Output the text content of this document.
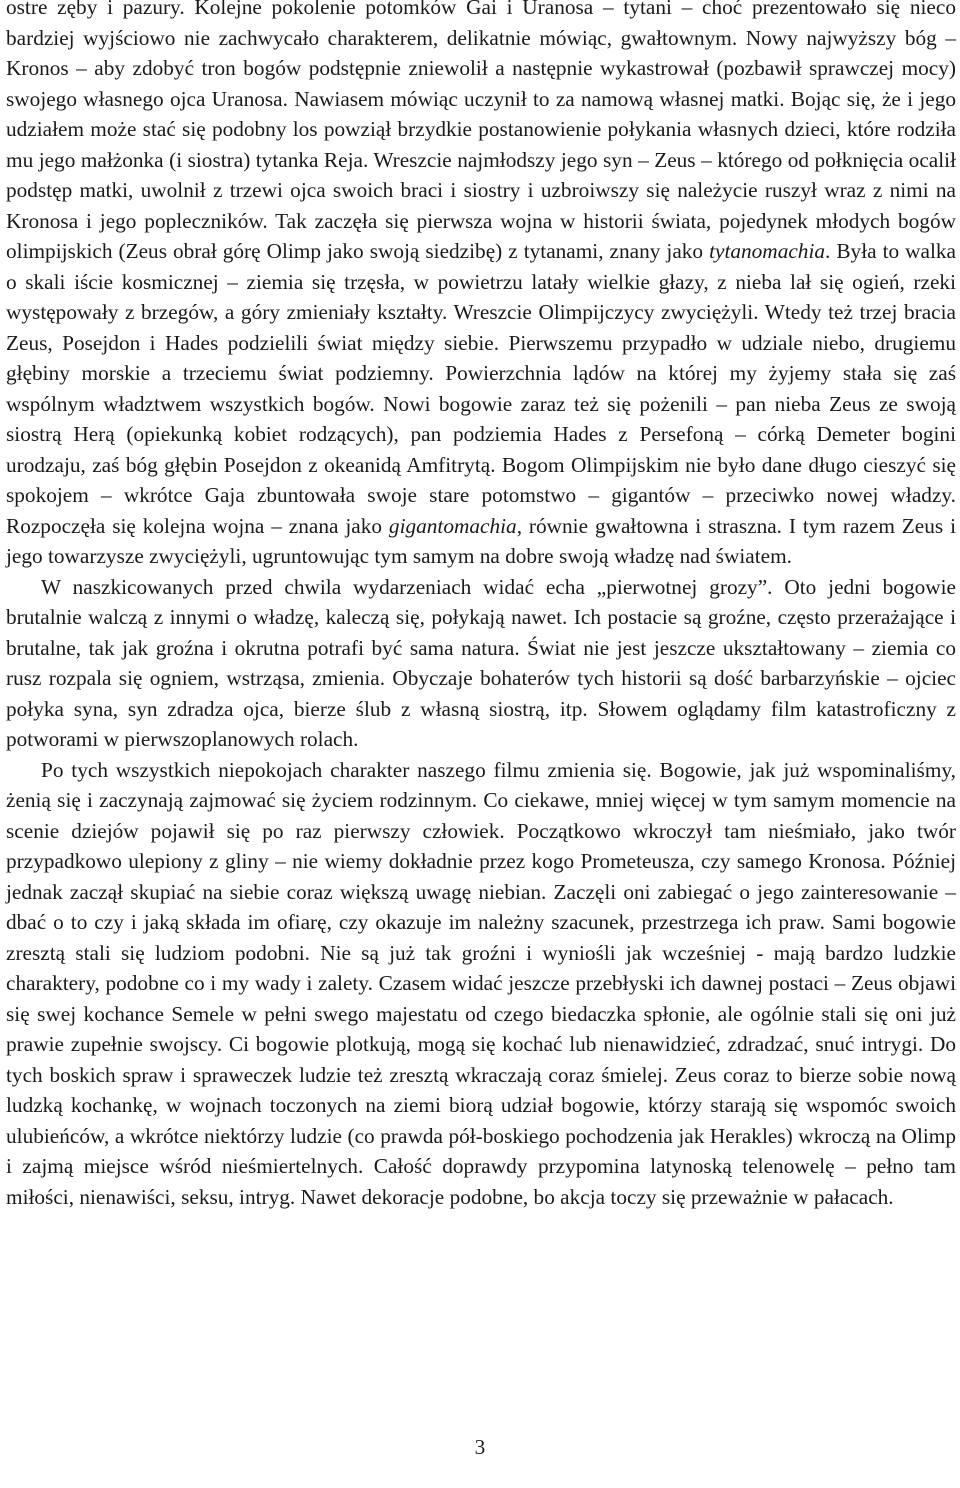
ostre zęby i pazury. Kolejne pokolenie potomków Gai i Uranosa – tytani – choć prezentowało się nieco bardziej wyjściowo nie zachwycało charakterem, delikatnie mówiąc, gwałtownym. Nowy najwyższy bóg – Kronos – aby zdobyć tron bogów podstępnie zniewolił a następnie wykastrował (pozbawił sprawczej mocy) swojego własnego ojca Uranosa. Nawiasem mówiąc uczynił to za namową własnej matki. Bojąc się, że i jego udziałem może stać się podobny los powziął brzydkie postanowienie połykania własnych dzieci, które rodziła mu jego małżonka (i siostra) tytanka Reja. Wreszcie najmłodszy jego syn – Zeus – którego od połknięcia ocalił podstęp matki, uwolnił z trzewi ojca swoich braci i siostry i uzbroiwszy się należycie ruszył wraz z nimi na Kronosa i jego popleczników. Tak zaczęła się pierwsza wojna w historii świata, pojedynek młodych bogów olimpijskich (Zeus obrał górę Olimp jako swoją siedzibę) z tytanami, znany jako tytanomachia. Była to walka o skali iście kosmicznej – ziemia się trzęsła, w powietrzu latały wielkie głazy, z nieba lał się ogień, rzeki występowały z brzegów, a góry zmieniały kształty. Wreszcie Olimpijczycy zwyciężyli. Wtedy też trzej bracia Zeus, Posejdon i Hades podzielili świat między siebie. Pierwszemu przypadło w udziale niebo, drugiemu głębiny morskie a trzeciemu świat podziemny. Powierzchnia lądów na której my żyjemy stała się zaś wspólnym władztwem wszystkich bogów. Nowi bogowie zaraz też się pożenili – pan nieba Zeus ze swoją siostrą Herą (opiekunką kobiet rodzących), pan podziemia Hades z Persefoną – córką Demeter bogini urodzaju, zaś bóg głębin Posejdon z okeanidą Amfitrytą. Bogom Olimpijskim nie było dane długo cieszyć się spokojem – wkrótce Gaja zbuntowała swoje stare potomstwo – gigantów – przeciwko nowej władzy. Rozpoczęła się kolejna wojna – znana jako gigantomachia, równie gwałtowna i straszna. I tym razem Zeus i jego towarzysze zwyciężyli, ugruntowując tym samym na dobre swoją władzę nad światem.

W naszkicowanych przed chwila wydarzeniach widać echa „pierwotnej grozy”. Oto jedni bogowie brutalnie walczą z innymi o władzę, kaleczą się, połykają nawet. Ich postacie są groźne, często przerażające i brutalne, tak jak groźna i okrutna potrafi być sama natura. Świat nie jest jeszcze ukształtowany – ziemia co rusz rozpala się ogniem, wstrząsa, zmienia. Obyczaje bohaterów tych historii są dość barbarzyńskie – ojciec połyka syna, syn zdradza ojca, bierze ślub z własną siostrą, itp. Słowem oglądamy film katastroficzny z potworami w pierwszoplanowych rolach.

Po tych wszystkich niepokojach charakter naszego filmu zmienia się. Bogowie, jak już wspominaliśmy, żenią się i zaczynają zajmować się życiem rodzinnym. Co ciekawe, mniej więcej w tym samym momencie na scenie dziejów pojawił się po raz pierwszy człowiek. Początkowo wkroczył tam nieśmiało, jako twór przypadkowo ulepiony z gliny – nie wiemy dokładnie przez kogo Prometeusza, czy samego Kronosa. Później jednak zaczął skupiać na siebie coraz większą uwagę niebian. Zaczęli oni zabiegać o jego zainteresowanie – dbać o to czy i jaką składa im ofiarę, czy okazuje im należny szacunek, przestrzega ich praw. Sami bogowie zresztą stali się ludziom podobni. Nie są już tak groźni i wyniośli jak wcześniej - mają bardzo ludzkie charaktery, podobne co i my wady i zalety. Czasem widać jeszcze przebłyski ich dawnej postaci – Zeus objawi się swej kochance Semele w pełni swego majestatu od czego biedaczka spłonie, ale ogólnie stali się oni już prawie zupełnie swojscy. Ci bogowie plotkują, mogą się kochać lub nienawidzieć, zdradzać, snuć intrygi. Do tych boskich spraw i spraweczek ludzie też zresztą wkraczają coraz śmielej. Zeus coraz to bierze sobie nową ludzką kochankę, w wojnach toczonych na ziemi biorą udział bogowie, którzy starają się wspomóc swoich ulubieńców, a wkrótce niektórzy ludzie (co prawda pół-boskiego pochodzenia jak Herakles) wkroczą na Olimp i zajmą miejsce wśród nieśmiertelnych. Całość doprawdy przypomina latynoską telenowelę – pełno tam miłości, nienawiści, seksu, intryg. Nawet dekoracje podobne, bo akcja toczy się przeważnie w pałacach.

3
